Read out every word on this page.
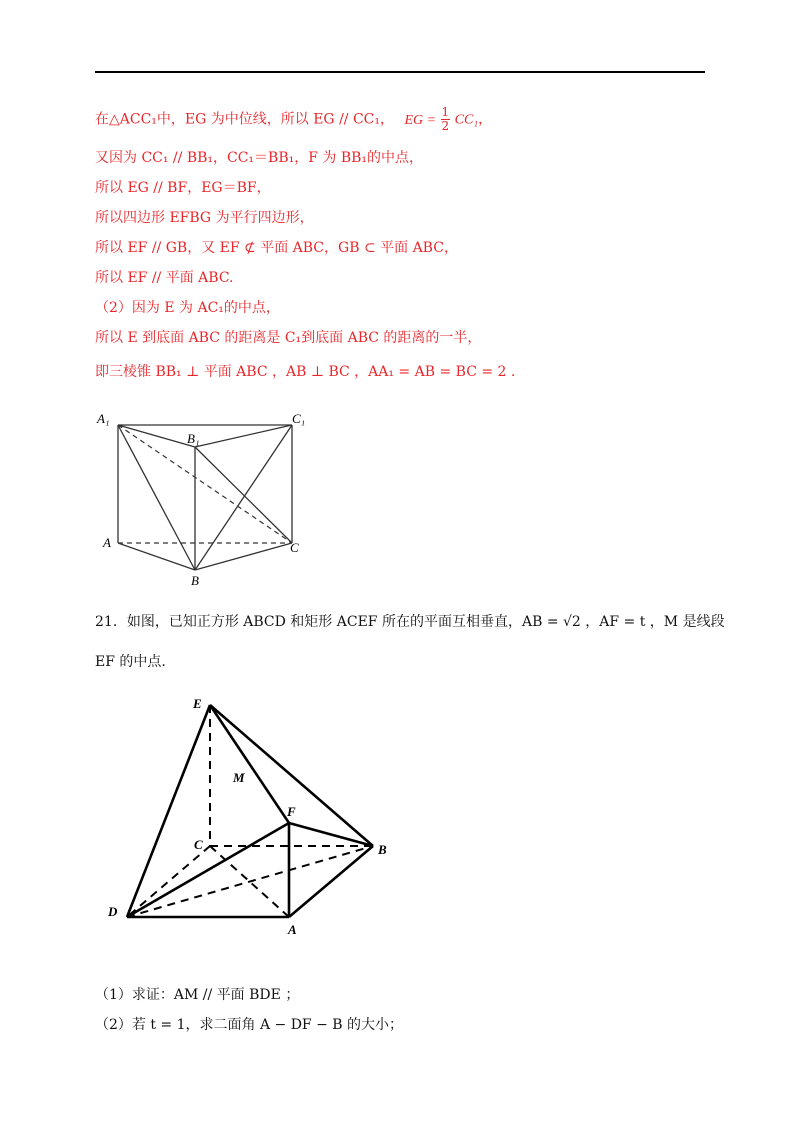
在△ACC₁中，EG 为中位线，所以 EG // CC₁， EG = $\frac{1}{2} CC_1$，
又因为 CC₁ // BB₁，CC₁＝BB₁，F 为 BB₁的中点，
所以 EG // BF，EG＝BF，
所以四边形 EFBG 为平行四边形，
所以 EF // GB，又 EF ⊄ 平面 ABC，GB ⊂ 平面 ABC，
所以 EF // 平面 ABC.
（2）因为 E 为 AC₁的中点，
所以 E 到底面 ABC 的距离是 C₁到底面 ABC 的距离的一半，
即三棱锥 BB₁ ⊥ 平面 ABC ，AB ⊥ BC ，AA₁ = AB = BC = 2 .
A₁
B₁
C₁
A
B
C
21．如图，已知正方形 ABCD 和矩形 ACEF 所在的平面互相垂直，AB = √2 ，AF = t ，M 是线段
EF 的中点.
E
M
F
C	B
D
A
（1）求证：AM // 平面 BDE ；
（2）若 t = 1，求二面角 A − DF − B 的大小；
